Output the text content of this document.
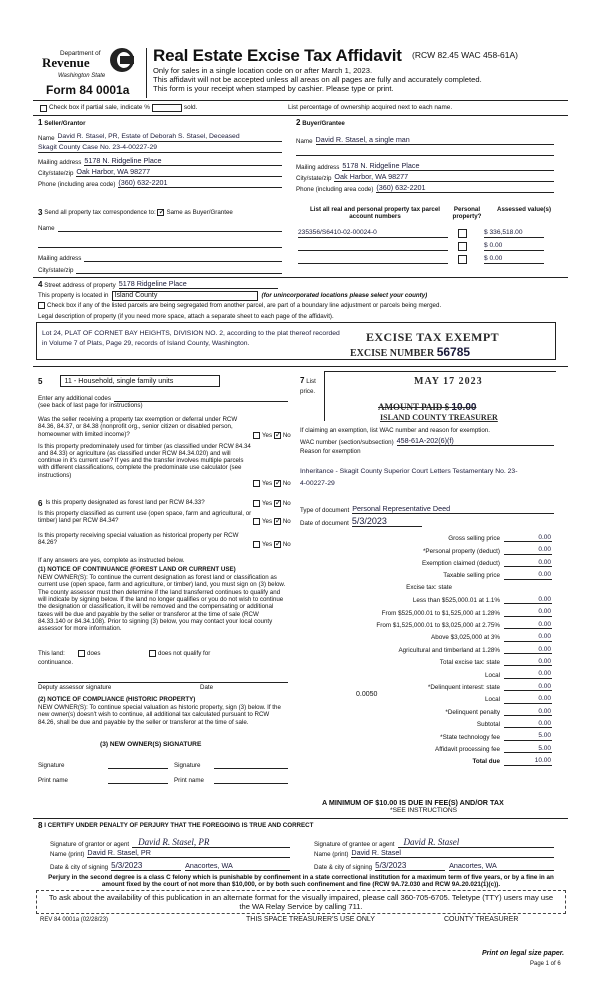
Department of
Revenue
Washington State
Form 84 0001a
Real Estate Excise Tax Affidavit (RCW 82.45 WAC 458-61A)
Only for sales in a single location code on or after March 1, 2023.
This affidavit will not be accepted unless all areas on all pages are fully and accurately completed.
This form is your receipt when stamped by cashier. Please type or print.
Check box if partial sale, indicate %	sold.	List percentage of ownership acquired next to each name.
1 Seller/Grantor
Name David R. Stasel, PR, Estate of Deborah S. Stasel, Deceased
Skagit County Case No. 23-4-00227-29
Mailing address 5178 N. Ridgeline Place
City/state/zip Oak Harbor, WA 98277
Phone (including area code) (360) 632-2201
2 Buyer/Grantee
Name David R. Stasel, a single man
Mailing address 5178 N. Ridgeline Place
City/state/zip Oak Harbor, WA 98277
Phone (including area code) (360) 632-2201
3
Send all property tax correspondence to:
✓ Same as Buyer/Grantee
Name
Mailing address
City/state/zip
List all real and personal property tax parcel account numbers
Personal property?
Assessed value(s)
235356/S6410-02-00024-0	$ 336,518.00
$ 0.00
$ 0.00
4
Street address of property 5178 Ridgeline Place
This property is located in Island County	(for unincorporated locations please select your county)
Check box if any of the listed parcels are being segregated from another parcel, are part of a boundary line adjustment or parcels being merged.
Legal description of property (if you need more space, attach a separate sheet to each page of the affidavit).
Lot 24, PLAT OF CORNET BAY HEIGHTS, DIVISION NO. 2, according to the plat thereof recorded in Volume 7 of Plats, Page 29, records of Island County, Washington.	EXCISE TAX EXEMPT
EXCISE NUMBER 56785
5	11 - Household, single family units	7 List
price.
MAY 17 2023
AMOUNT PAID $ 10.00
ISLAND COUNTY TREASURER
Enter any additional codes
(see back of last page for instructions)
Was the seller receiving a property tax exemption or deferral under RCW 84.36, 84.37, or 84.38 (nonprofit org., senior citizen or disabled person, homeowner with limited income)?	Yes
✓ No
Is this property predominately used for timber (as classified under RCW 84.34 and 84.33) or agriculture (as classified under RCW 84.34.020) and will continue in it's current use? If yes and the transfer involves multiple parcels with different classifications, complete the predominate use calculator (see instructions)
Yes
✓ No
If claiming an exemption, list WAC number and reason for exemption.
WAC number (section/subsection) 458-61A-202(6)(f)
Reason for exemption
Inheritance - Skagit County Superior Court Letters Testamentary No. 23-4-00227-29
6 Is this property designated as forest land per RCW 84.33?	Yes
✓ No
Is this property classified as current use (open space, farm and agricultural, or timber) land per RCW 84.34?	Yes
✓ No
Is this property receiving special valuation as historical property per RCW 84.26?	Yes
✓ No
If any answers are yes, complete as instructed below.
(1) NOTICE OF CONTINUANCE (FOREST LAND OR CURRENT USE)
NEW OWNER(S): To continue the current designation as forest land or classification as current use (open space, farm and agriculture, or timber) land, you must sign on (3) below. The county assessor must then determine if the land transferred continues to qualify and will indicate by signing below. If the land no longer qualifies or you do not wish to continue the designation or classification, it will be removed and the compensating or additional taxes will be due and payable by the seller or transferor at the time of sale (RCW 84.33.140 or 84.34.108). Prior to signing (3) below, you may contact your local county assessor for more information.
This land:	does	does not qualify for
continuance.
Deputy assessor signature	Date
(2) NOTICE OF COMPLIANCE (HISTORIC PROPERTY)
NEW OWNER(S): To continue special valuation as historic property, sign (3) below. If the new owner(s) doesn't wish to continue, all additional tax calculated pursuant to RCW 84.26, shall be due and payable by the seller or transferor at the time of sale.
(3) NEW OWNER(S) SIGNATURE
Signature	Signature
Print name	Print name
Type of document Personal Representative Deed
Date of document 5/3/2023
Gross selling price	0.00
*Personal property (deduct)	0.00
Exemption claimed (deduct)	0.00
Taxable selling price	0.00
Excise tax: state
Less than $525,000.01 at 1.1%	0.00
From $525,000.01 to $1,525,000 at 1.28%	0.00
From $1,525,000.01 to $3,025,000 at 2.75%	0.00
Above $3,025,000 at 3%	0.00
Agricultural and timberland at 1.28%	0.00
Total excise tax: state	0.00
Local	0.00
*Delinquent interest: state	0.00
Local	0.00
*Delinquent penalty	0.00
Subtotal	0.00
*State technology fee	5.00
Affidavit processing fee	5.00
Total due	10.00
0.0050
A MINIMUM OF $10.00 IS DUE IN FEE(S) AND/OR TAX
*SEE INSTRUCTIONS
8
I CERTIFY UNDER PENALTY OF PERJURY THAT THE FOREGOING IS TRUE AND CORRECT
Signature of grantor or agent David R. Stasel, PR
Name (print) David R. Stasel, PR
Date & city of signing 5/3/2023	Anacortes, WA
Signature of grantee or agent David R. Stasel
Name (print) David R. Stasel
Date & city of signing 5/3/2023	Anacortes, WA
Perjury in the second degree is a class C felony which is punishable by confinement in a state correctional institution for a maximum term of five years, or by a fine in an amount fixed by the court of not more than $10,000, or by both such confinement and fine (RCW 9A.72.030 and RCW 9A.20.021(1)(c)).
To ask about the availability of this publication in an alternate format for the visually impaired, please call 360-705-6705. Teletype (TTY) users may use the WA Relay Service by calling 711.
REV 84 0001a (02/28/23)	THIS SPACE TREASURER'S USE ONLY	COUNTY TREASURER
Print on legal size paper.
Page 1 of 6
